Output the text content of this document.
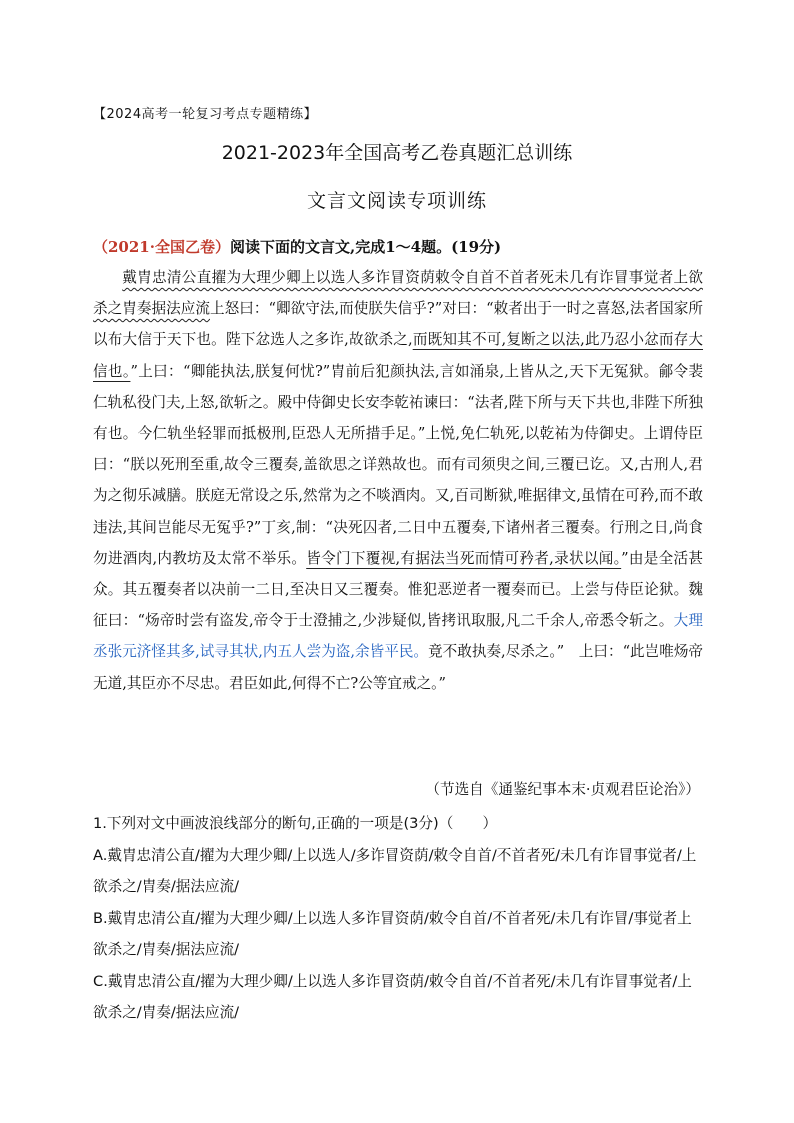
【2024高考一轮复习考点专题精练】
2021-2023年全国高考乙卷真题汇总训练
文言文阅读专项训练
（2021·全国乙卷）阅读下面的文言文,完成1～4题。(19分)

戴胄忠清公直擢为大理少卿上以选人多诈冒资荫敕令自首不首者死未几有诈冒事觉者上欲杀之胄奏据法应流上怒曰：“卿欲守法,而使朕失信乎?”对曰：“敕者出于一时之喜怒,法者国家所以布大信于天下也。陛下忿选人之多诈,故欲杀之,而既知其不可,复断之以法,此乃忍小忿而存大信也。”上曰：“卿能执法,朕复何忧?”胄前后犯颜执法,言如涌泉,上皆从之,天下无冤狱。鄃令裴仁轨私役门夫,上怒,欲斩之。殿中侍御史长安李乾祐谏曰：“法者,陛下所与天下共也,非陛下所独有也。今仁轨坐轻罪而抵极刑,臣恐人无所措手足。”上悦,免仁轨死,以乾祐为侍御史。上谓侍臣曰：“朕以死刑至重,故令三覆奏,盖欲思之详熟故也。而有司须臾之间,三覆已讫。又,古刑人,君为之彻乐减膳。朕庭无常设之乐,然常为之不啖酒肉。又,百司断狱,唯据律文,虽情在可矜,而不敢违法,其间岂能尽无冤乎?”丁亥,制：“决死囚者,二日中五覆奏,下诸州者三覆奏。行刑之日,尚食勿进酒肉,内教坊及太常不举乐。皆令门下覆视,有据法当死而情可矜者,录状以闻。”由是全活甚众。其五覆奏者以决前一二日,至决日又三覆奏。惟犯恶逆者一覆奏而已。上尝与侍臣论狱。魏征曰：“炀帝时尝有盗发,帝令于士澄捕之,少涉疑似,皆拷讯取服,凡二千余人,帝悉令斩之。大理丞张元济怪其多,试寻其状,内五人尝为盗,余皆平民。竟不敢执奏,尽杀之。”　上曰：“此岂唯炀帝无道,其臣亦不尽忠。君臣如此,何得不亡?公等宜戒之。”

（节选自《通鉴纪事本末·贞观君臣论治》）
1.下列对文中画波浪线部分的断句,正确的一项是(3分)（　　）
A.戴胄忠清公直/擢为大理少卿/上以选人/多诈冒资荫/敕令自首/不首者死/未几有诈冒事觉者/上欲杀之/胄奏/据法应流/
B.戴胄忠清公直/擢为大理少卿/上以选人多诈冒资荫/敕令自首/不首者死/未几有诈冒/事觉者上欲杀之/胄奏/据法应流/
C.戴胄忠清公直/擢为大理少卿/上以选人多诈冒资荫/敕令自首/不首者死/未几有诈冒事觉者/上欲杀之/胄奏/据法应流/
